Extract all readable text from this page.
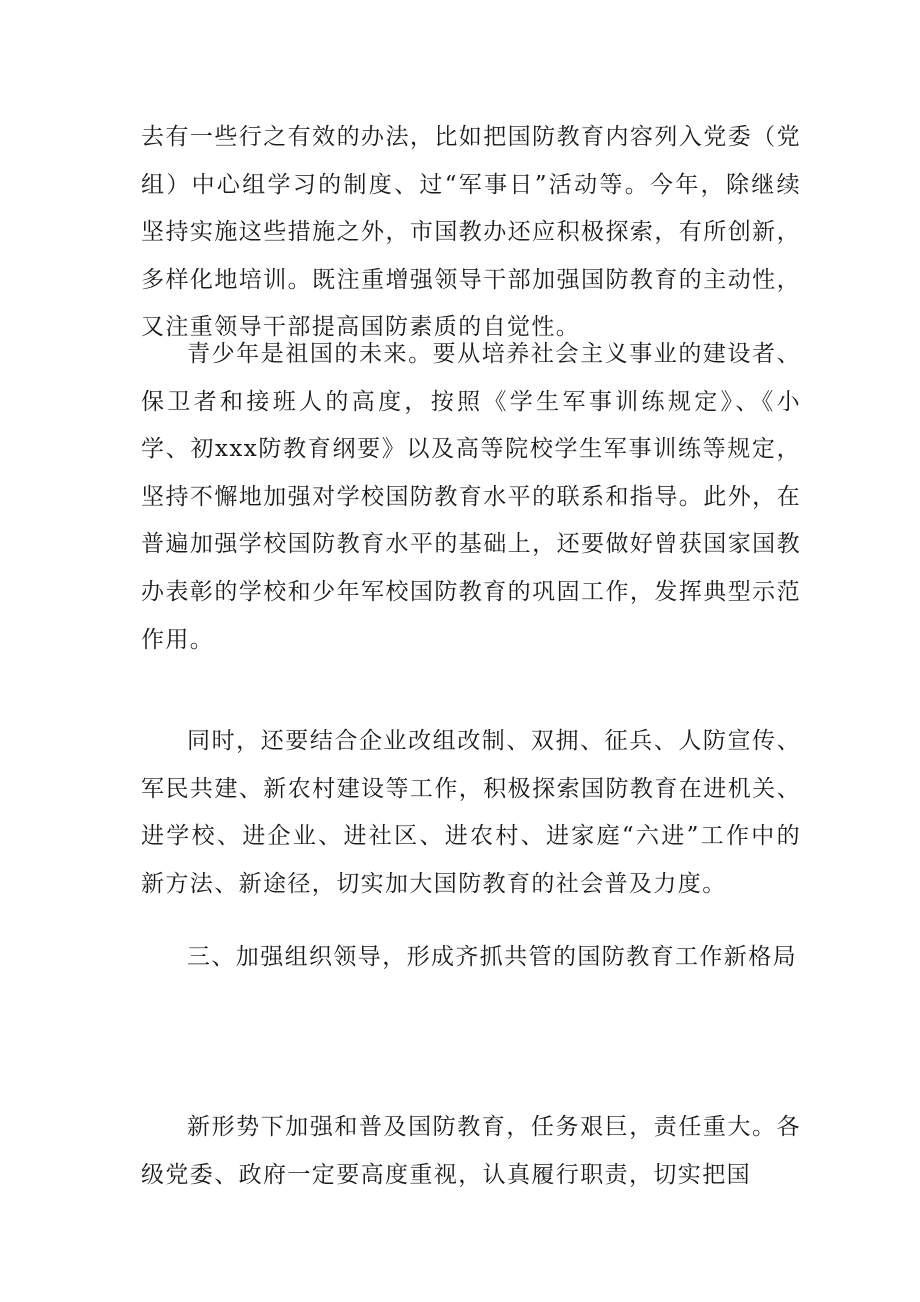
去有一些行之有效的办法，比如把国防教育内容列入党委（党组）中心组学习的制度、过“军事日”活动等。今年，除继续坚持实施这些措施之外，市国教办还应积极探索，有所创新，多样化地培训。既注重增强领导干部加强国防教育的主动性，又注重领导干部提高国防素质的自觉性。

青少年是祖国的未来。要从培养社会主义事业的建设者、保卫者和接班人的高度，按照《学生军事训练规定》、《小学、初xxx防教育纲要》以及高等院校学生军事训练等规定，坚持不懈地加强对学校国防教育水平的联系和指导。此外，在普遍加强学校国防教育水平的基础上，还要做好曾获国家国教办表彰的学校和少年军校国防教育的巩固工作，发挥典型示范作用。

同时，还要结合企业改组改制、双拥、征兵、人防宣传、军民共建、新农村建设等工作，积极探索国防教育在进机关、进学校、进企业、进社区、进农村、进家庭“六进”工作中的新方法、新途径，切实加大国防教育的社会普及力度。

三、加强组织领导，形成齐抓共管的国防教育工作新格局

新形势下加强和普及国防教育，任务艰巨，责任重大。各级党委、政府一定要高度重视，认真履行职责，切实把国
